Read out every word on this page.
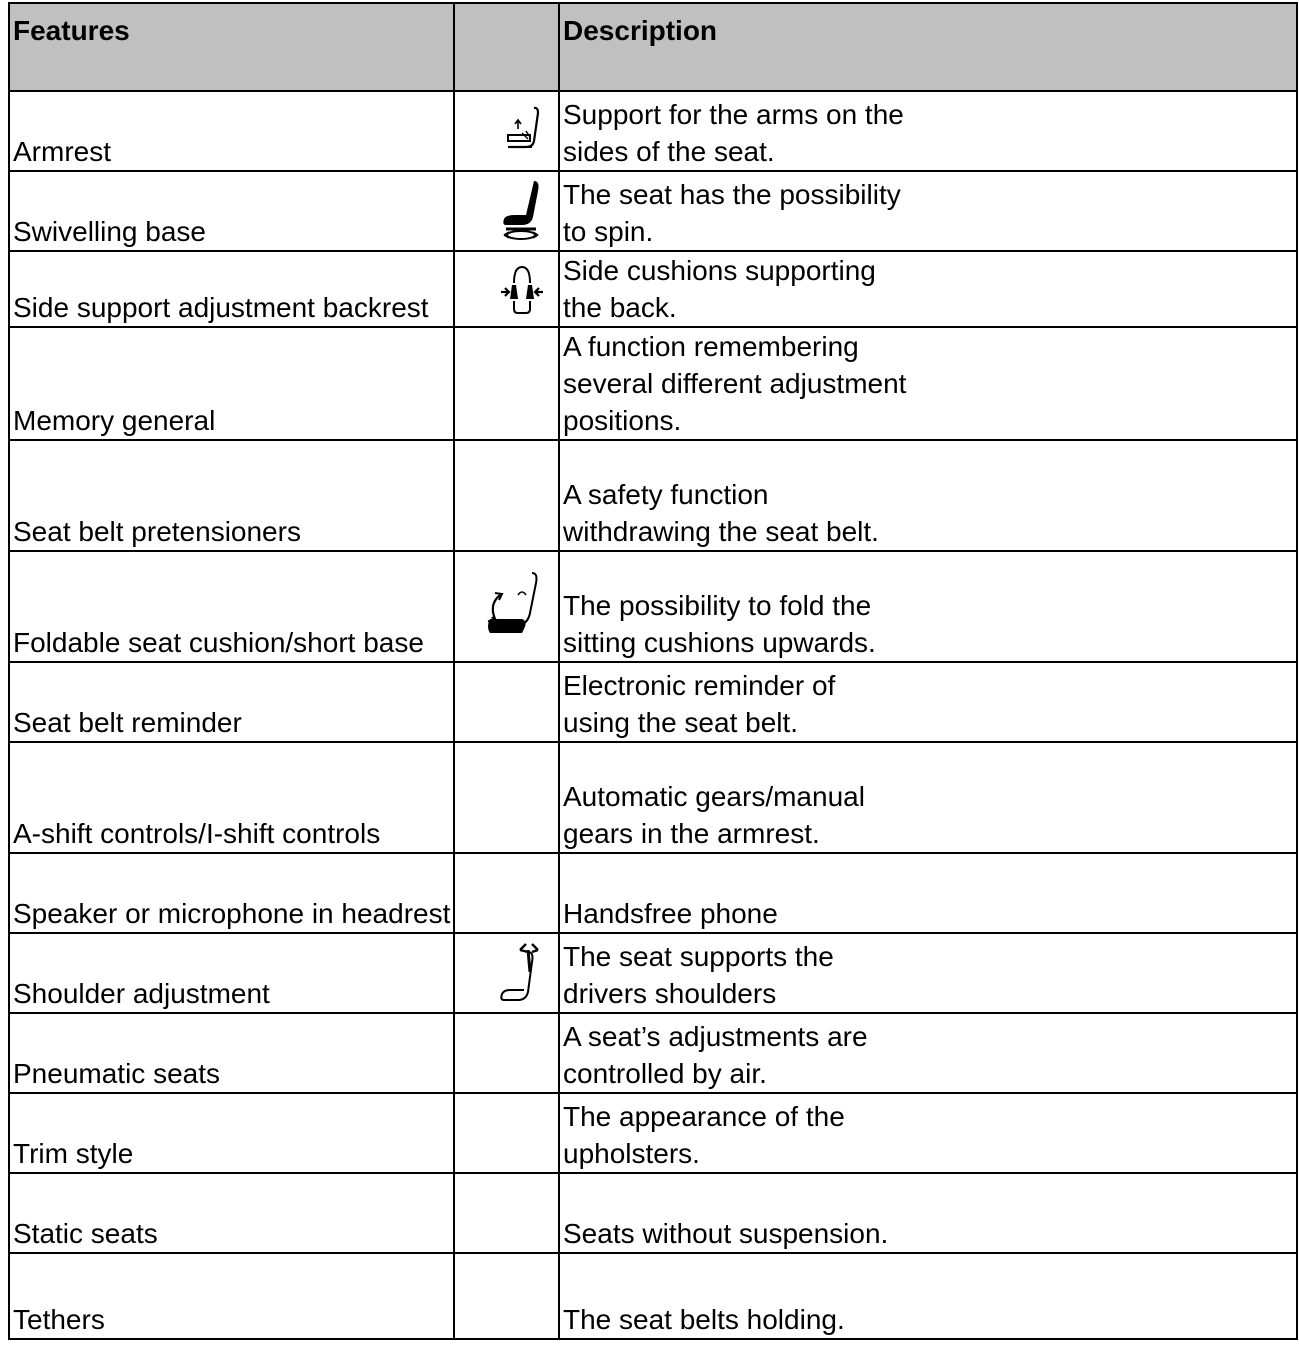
Features		Description
Armrest		Support for the arms on the sides of the seat.

Swivelling base		The seat has the possibility to spin.

Side support adjustment backrest		Side cushions supporting the back.

Memory general		A function remembering several different adjustment positions.

Seat belt pretensioners		A safety function withdrawing the seat belt.

Foldable seat cushion/short base		The possibility to fold the sitting cushions upwards.

Seat belt reminder		Electronic reminder of using the seat belt.

A-shift controls/I-shift controls		Automatic gears/manual gears in the armrest.

Speaker or microphone in headrest		Handsfree phone

Shoulder adjustment		The seat supports the drivers shoulders

Pneumatic seats		A seat’s adjustments are controlled by air.

Trim style		The appearance of the upholsters.

Static seats		Seats without suspension.

Tethers		The seat belts holding.
